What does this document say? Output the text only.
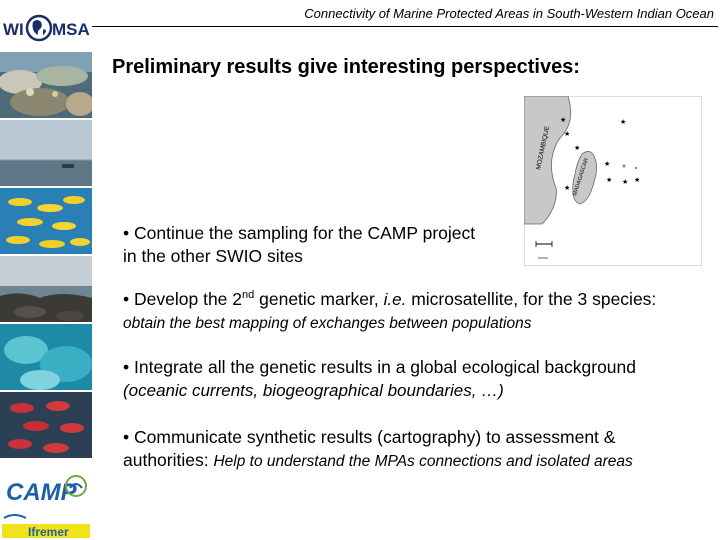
WI MSA
Connectivity of Marine Protected Areas in South-Western Indian Ocean
CAMP
Ifremer
Preliminary results give interesting perspectives:
MOZAMBIQUE
MADAGASCAR
★
★
★
★
★
★ ★ ★
★
• Continue the sampling for the CAMP project in the other SWIO sites
• Develop the 2nd genetic marker, i.e. microsatellite, for the 3 species: obtain the best mapping of exchanges between populations
• Integrate all the genetic results in a global ecological background (oceanic currents, biogeographical boundaries, …)
• Communicate synthetic results (cartography) to assessment & authorities: Help to understand the MPAs connections and isolated areas
